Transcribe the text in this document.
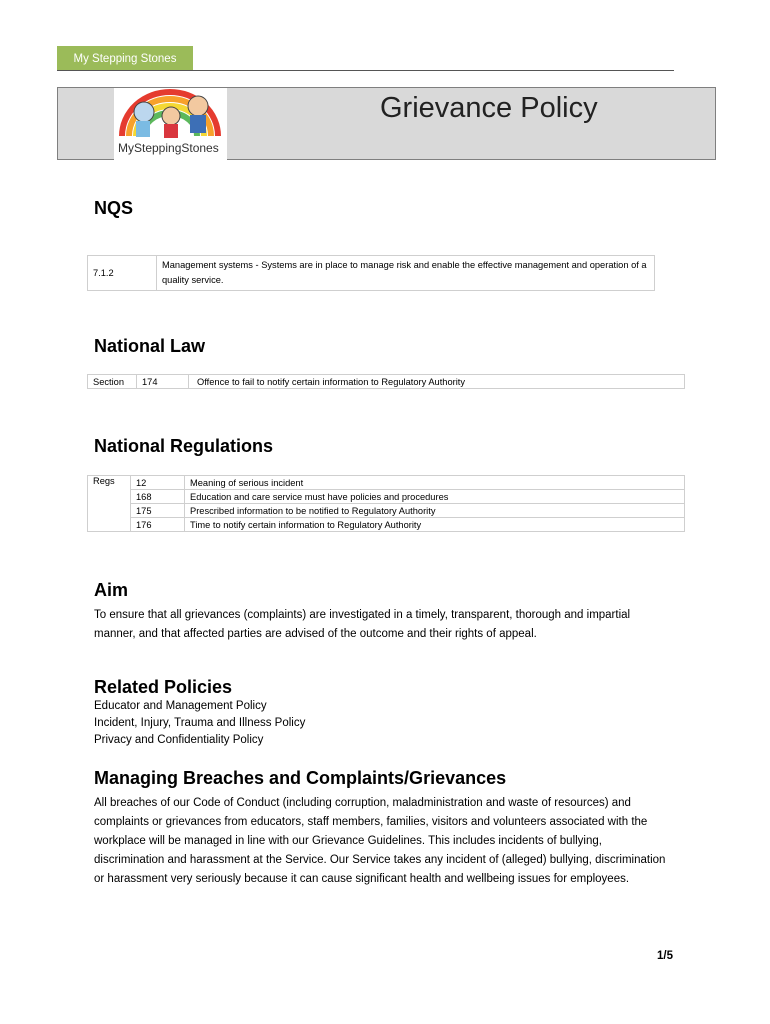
My Stepping Stones
MySteppingStones
Grievance Policy
NQS
7.1.2	Management systems - Systems are in place to manage risk and enable the effective management and operation of a quality service.
National Law
Section	174	Offence to fail to notify certain information to Regulatory Authority
National Regulations
Regs	12	Meaning of serious incident
	168	Education and care service must have policies and procedures
	175	Prescribed information to be notified to Regulatory Authority
	176	Time to notify certain information to Regulatory Authority
Aim

To ensure that all grievances (complaints) are investigated in a timely, transparent, thorough and impartial manner, and that affected parties are advised of the outcome and their rights of appeal.

Related Policies
Educator and Management Policy
Incident, Injury, Trauma and Illness Policy
Privacy and Confidentiality Policy
Managing Breaches and Complaints/Grievances

All breaches of our Code of Conduct (including corruption, maladministration and waste of resources) and complaints or grievances from educators, staff members, families, visitors and volunteers associated with the workplace will be managed in line with our Grievance Guidelines. This includes incidents of bullying, discrimination and harassment at the Service. Our Service takes any incident of (alleged) bullying, discrimination or harassment very seriously because it can cause significant health and wellbeing issues for employees.

1/5
